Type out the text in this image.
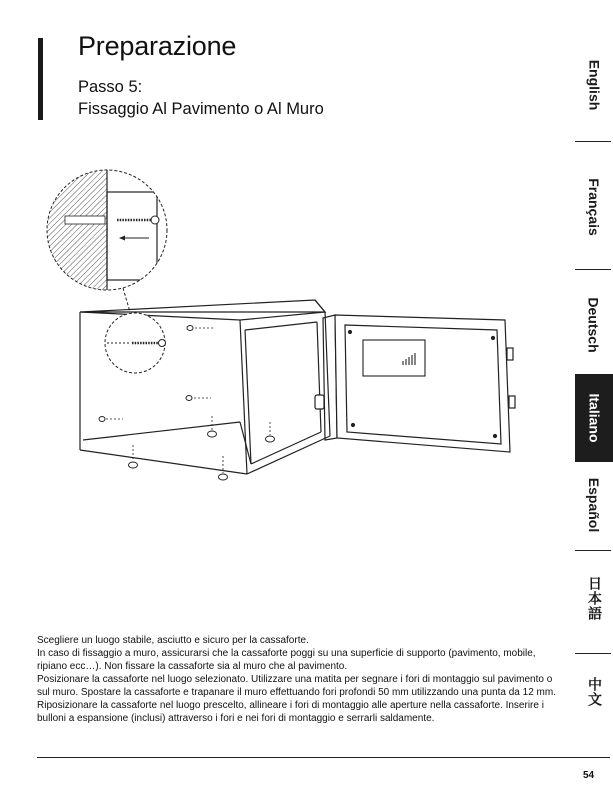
Preparazione
Passo 5:
Fissaggio Al Pavimento o Al Muro

Scegliere un luogo stabile, asciutto e sicuro per la cassaforte.

In caso di fissaggio a muro, assicurarsi che la cassaforte poggi su una superficie di supporto (pavimento, mobile, ripiano ecc…). Non fissare la cassaforte sia al muro che al pavimento.

Posizionare la cassaforte nel luogo selezionato. Utilizzare una matita per segnare i fori di montaggio sul pavimento o sul muro. Spostare la cassaforte e trapanare il muro effettuando fori profondi 50 mm utilizzando una punta da 12 mm.

Riposizionare la cassaforte nel luogo prescelto, allineare i fori di montaggio alle aperture nella cassaforte. Inserire i bulloni a espansione (inclusi) attraverso i fori e nei fori di montaggio e serrarli saldamente.

54
English
Français
Deutsch
Italiano
Español
日本語
中文
